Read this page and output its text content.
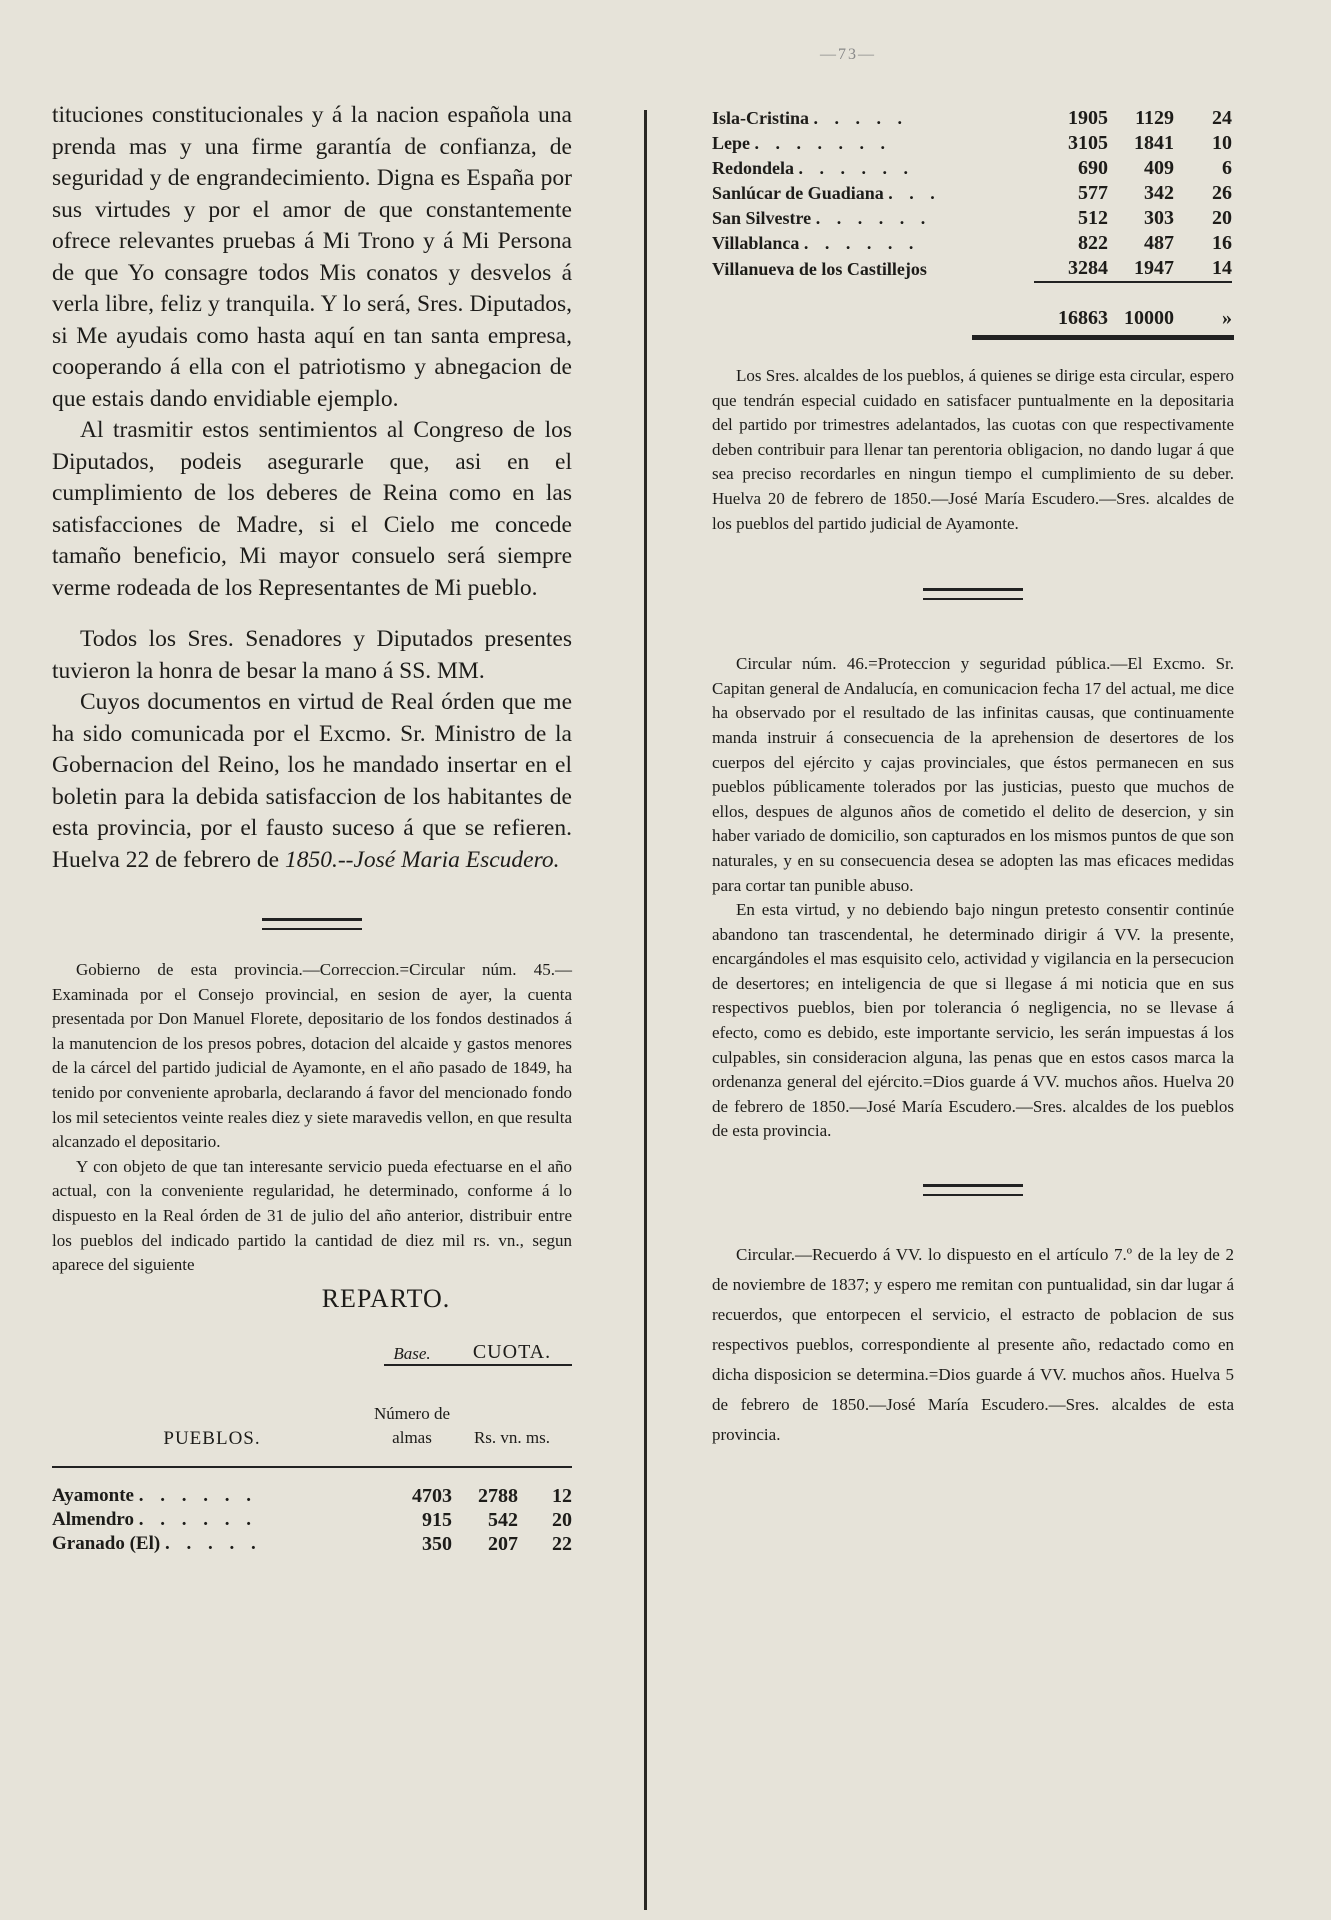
—73—

tituciones constitucionales y á la nacion española una prenda mas y una firme garantía de confianza, de seguridad y de engrandecimiento. Digna es España por sus virtudes y por el amor de que constantemente ofrece relevantes pruebas á Mi Trono y á Mi Persona de que Yo consagre todos Mis conatos y desvelos á verla libre, feliz y tranquila. Y lo será, Sres. Diputados, si Me ayudais como hasta aquí en tan santa empresa, cooperando á ella con el patriotismo y abnegacion de que estais dando envidiable ejemplo.

Al trasmitir estos sentimientos al Congreso de los Diputados, podeis asegurarle que, asi en el cumplimiento de los deberes de Reina como en las satisfacciones de Madre, si el Cielo me concede tamaño beneficio, Mi mayor consuelo será siempre verme rodeada de los Representantes de Mi pueblo.

Todos los Sres. Senadores y Diputados presentes tuvieron la honra de besar la mano á SS. MM.

Cuyos documentos en virtud de Real órden que me ha sido comunicada por el Excmo. Sr. Ministro de la Gobernacion del Reino, los he mandado insertar en el boletin para la debida satisfaccion de los habitantes de esta provincia, por el fausto suceso á que se refieren. Huelva 22 de febrero de 1850.--José Maria Escudero.

Gobierno de esta provincia.—Correccion.=Circular núm. 45.—Examinada por el Consejo provincial, en sesion de ayer, la cuenta presentada por Don Manuel Florete, depositario de los fondos destinados á la manutencion de los presos pobres, dotacion del alcaide y gastos menores de la cárcel del partido judicial de Ayamonte, en el año pasado de 1849, ha tenido por conveniente aprobarla, declarando á favor del mencionado fondo los mil setecientos veinte reales diez y siete maravedis vellon, en que resulta alcanzado el depositario.

Y con objeto de que tan interesante servicio pueda efectuarse en el año actual, con la conveniente regularidad, he determinado, conforme á lo dispuesto en la Real órden de 31 de julio del año anterior, distribuir entre los pueblos del indicado partido la cantidad de diez mil rs. vn., segun aparece del siguiente

REPARTO.
	Base.	CUOTA.	

PUEBLOS.	Número de almas	Rs. vn. ms.	

Ayamonte . . . . . .	4703	2788	12
Almendro . . . . . .	915	542	20
Granado (El) . . . . .	350	207	22
Isla-Cristina . . . . .	1905	1129	24
Lepe . . . . . . .	3105	1841	10
Redondela . . . . . .	690	409	6
Sanlúcar de Guadiana . . .	577	342	26
San Silvestre . . . . . .	512	303	20
Villablanca . . . . . .	822	487	16
Villanueva de los Castillejos	3284	1947	14

	16863	10000	»

Los Sres. alcaldes de los pueblos, á quienes se dirige esta circular, espero que tendrán especial cuidado en satisfacer puntualmente en la depositaria del partido por trimestres adelantados, las cuotas con que respectivamente deben contribuir para llenar tan perentoria obligacion, no dando lugar á que sea preciso recordarles en ningun tiempo el cumplimiento de su deber. Huelva 20 de febrero de 1850.—José María Escudero.—Sres. alcaldes de los pueblos del partido judicial de Ayamonte.

Circular núm. 46.=Proteccion y seguridad pública.—El Excmo. Sr. Capitan general de Andalucía, en comunicacion fecha 17 del actual, me dice ha observado por el resultado de las infinitas causas, que continuamente manda instruir á consecuencia de la aprehension de desertores de los cuerpos del ejército y cajas provinciales, que éstos permanecen en sus pueblos públicamente tolerados por las justicias, puesto que muchos de ellos, despues de algunos años de cometido el delito de desercion, y sin haber variado de domicilio, son capturados en los mismos puntos de que son naturales, y en su consecuencia desea se adopten las mas eficaces medidas para cortar tan punible abuso.

En esta virtud, y no debiendo bajo ningun pretesto consentir continúe abandono tan trascendental, he determinado dirigir á VV. la presente, encargándoles el mas esquisito celo, actividad y vigilancia en la persecucion de desertores; en inteligencia de que si llegase á mi noticia que en sus respectivos pueblos, bien por tolerancia ó negligencia, no se llevase á efecto, como es debido, este importante servicio, les serán impuestas á los culpables, sin consideracion alguna, las penas que en estos casos marca la ordenanza general del ejército.=Dios guarde á VV. muchos años. Huelva 20 de febrero de 1850.—José María Escudero.—Sres. alcaldes de los pueblos de esta provincia.

Circular.—Recuerdo á VV. lo dispuesto en el artículo 7.º de la ley de 2 de noviembre de 1837; y espero me remitan con puntualidad, sin dar lugar á recuerdos, que entorpecen el servicio, el estracto de poblacion de sus respectivos pueblos, correspondiente al presente año, redactado como en dicha disposicion se determina.=Dios guarde á VV. muchos años. Huelva 5 de febrero de 1850.—José María Escudero.—Sres. alcaldes de esta provincia.
